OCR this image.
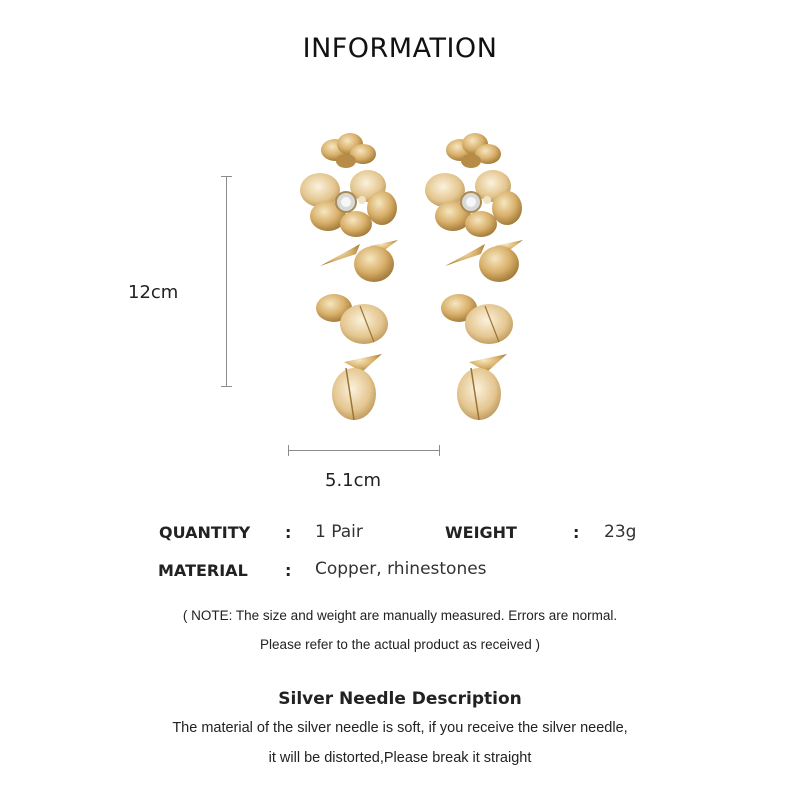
INFORMATION
12cm
5.1cm
QUANTITY : 1 Pair	WEIGHT	: 23g
MATERIAL : Copper, rhinestones
( NOTE: The size and weight are manually measured. Errors are normal.
Please refer to the actual product as received )
Silver Needle Description
The material of the silver needle is soft, if you receive the silver needle,
it will be distorted,Please break it straight
